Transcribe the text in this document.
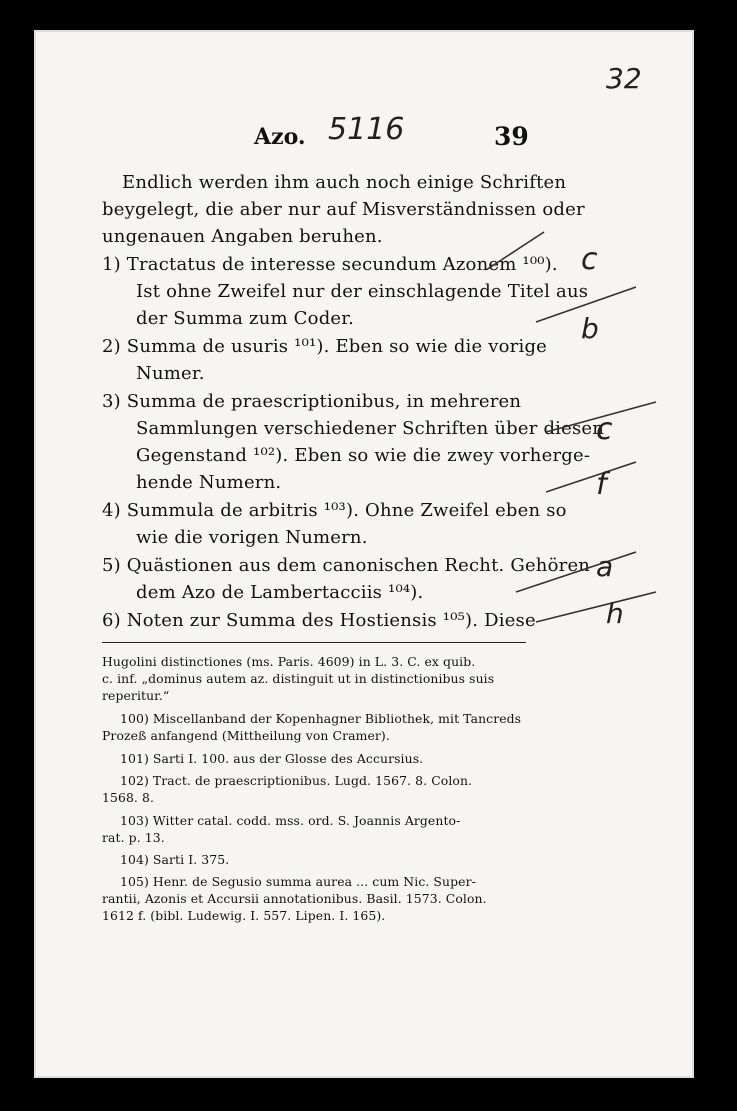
32
Azo. 5116	39
Endlich werden ihm auch noch einige Schriften
beygelegt, die aber nur auf Misverständnissen oder
ungenauen Angaben beruhen.
1) Tractatus de interesse secundum Azonem ¹⁰⁰).
Ist ohne Zweifel nur der einschlagende Titel aus
der Summa zum Coder.
2) Summa de usuris ¹⁰¹). Eben so wie die vorige
Numer.
3) Summa de praescriptionibus, in mehreren
Sammlungen verschiedener Schriften über diesen
Gegenstand ¹⁰²). Eben so wie die zwey vorherge-
hende Numern.
4) Summula de arbitris ¹⁰³). Ohne Zweifel eben so
wie die vorigen Numern.
5) Quästionen aus dem canonischen Recht. Gehören
dem Azo de Lambertacciis ¹⁰⁴).
6) Noten zur Summa des Hostiensis ¹⁰⁵). Diese
Hugolini distinctiones (ms. Paris. 4609) in L. 3. C. ex quib.
c. inf. „dominus autem az. distinguit ut in distinctionibus suis
reperitur.“
100) Miscellanband der Kopenhagner Bibliothek, mit Tancreds
Prozeß anfangend (Mittheilung von Cramer).
101) Sarti I. 100. aus der Glosse des Accursius.
102) Tract. de praescriptionibus. Lugd. 1567. 8. Colon.
1568. 8.
103) Witter catal. codd. mss. ord. S. Joannis Argento-
rat. p. 13.
104) Sarti I. 375.
105) Henr. de Segusio summa aurea ... cum Nic. Super-
rantii, Azonis et Accursii annotationibus. Basil. 1573. Colon.
1612 f. (bibl. Ludewig. I. 557. Lipen. I. 165).
c
b
c
f
a
h
